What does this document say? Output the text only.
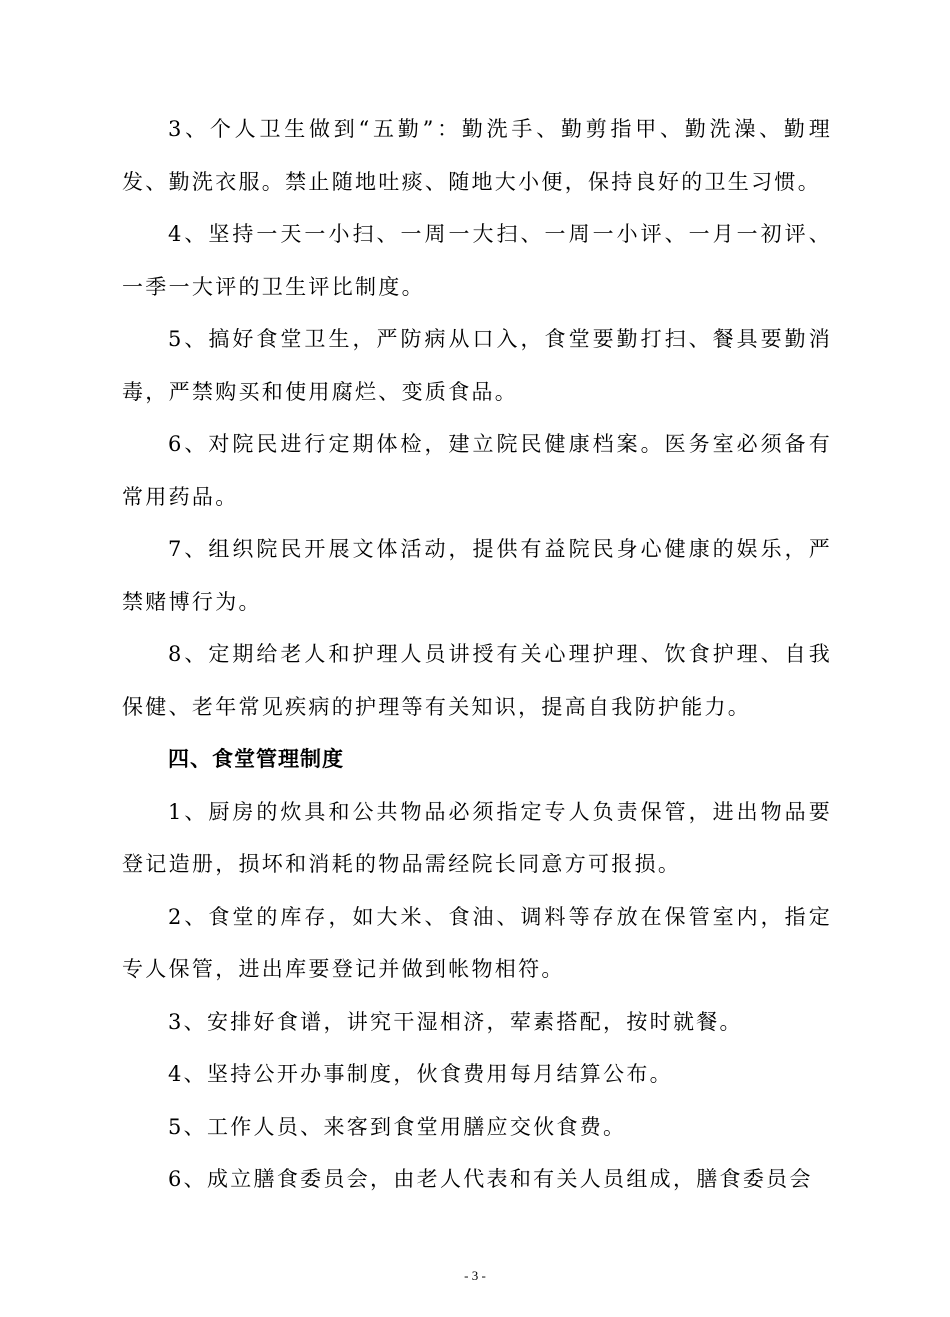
3、个人卫生做到“五勤”：勤洗手、勤剪指甲、勤洗澡、勤理发、勤洗衣服。禁止随地吐痰、随地大小便，保持良好的卫生习惯。

4、坚持一天一小扫、一周一大扫、一周一小评、一月一初评、一季一大评的卫生评比制度。

5、搞好食堂卫生，严防病从口入，食堂要勤打扫、餐具要勤消毒，严禁购买和使用腐烂、变质食品。

6、对院民进行定期体检，建立院民健康档案。医务室必须备有常用药品。

7、组织院民开展文体活动，提供有益院民身心健康的娱乐，严禁赌博行为。

8、定期给老人和护理人员讲授有关心理护理、饮食护理、自我保健、老年常见疾病的护理等有关知识，提高自我防护能力。

四、食堂管理制度

1、厨房的炊具和公共物品必须指定专人负责保管，进出物品要登记造册，损坏和消耗的物品需经院长同意方可报损。

2、食堂的库存，如大米、食油、调料等存放在保管室内，指定专人保管，进出库要登记并做到帐物相符。

3、安排好食谱，讲究干湿相济，荤素搭配，按时就餐。

4、坚持公开办事制度，伙食费用每月结算公布。

5、工作人员、来客到食堂用膳应交伙食费。

6、成立膳食委员会，由老人代表和有关人员组成，膳食委员会

- 3 -
